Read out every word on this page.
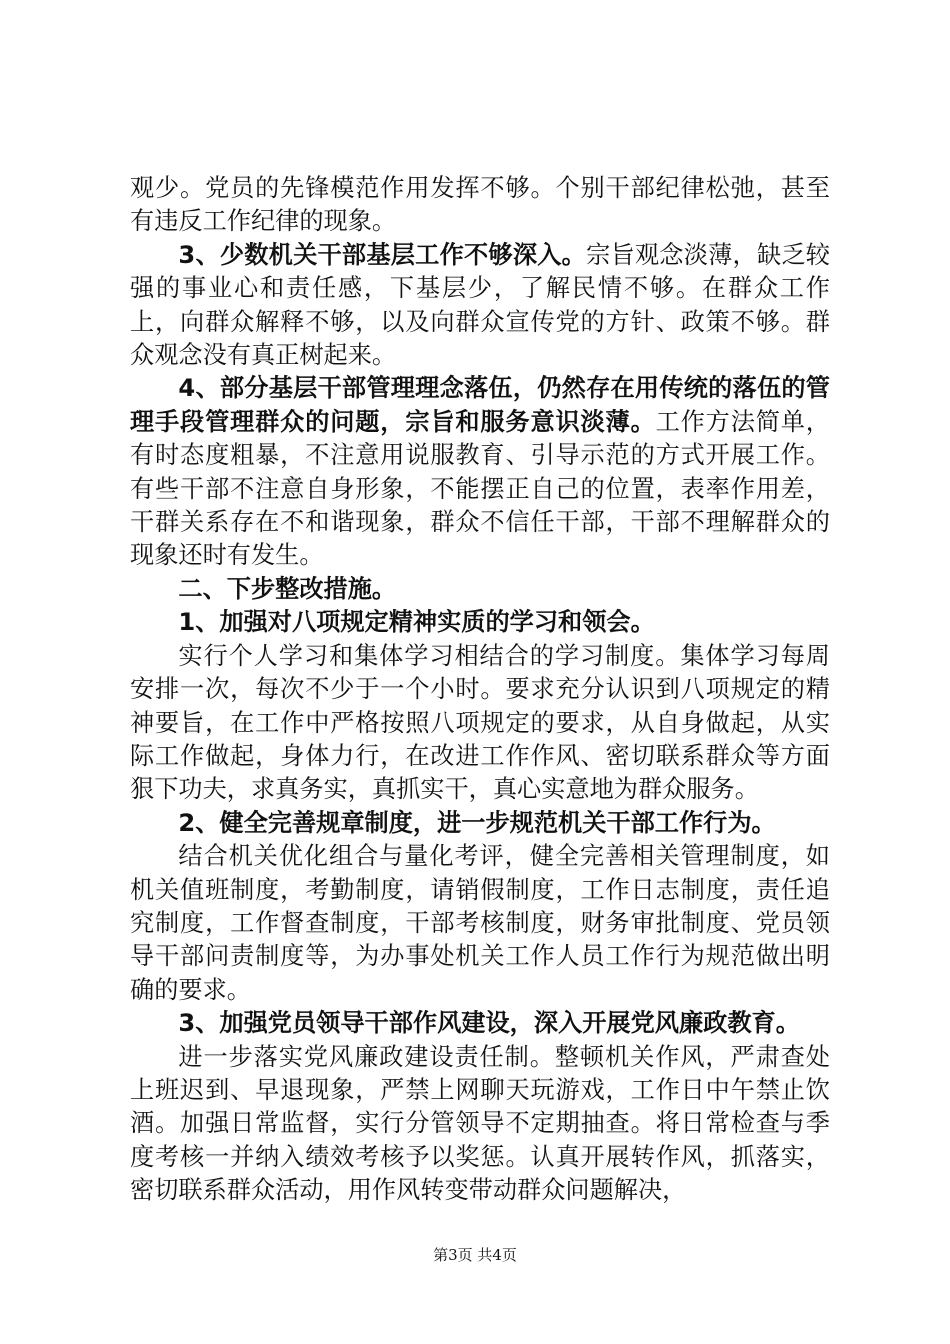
观少。党员的先锋模范作用发挥不够。个别干部纪律松弛，甚至有违反工作纪律的现象。

3、少数机关干部基层工作不够深入。宗旨观念淡薄，缺乏较强的事业心和责任感，下基层少，了解民情不够。在群众工作上，向群众解释不够，以及向群众宣传党的方针、政策不够。群众观念没有真正树起来。

4、部分基层干部管理理念落伍，仍然存在用传统的落伍的管理手段管理群众的问题，宗旨和服务意识淡薄。工作方法简单，有时态度粗暴，不注意用说服教育、引导示范的方式开展工作。有些干部不注意自身形象，不能摆正自己的位置，表率作用差，干群关系存在不和谐现象，群众不信任干部，干部不理解群众的现象还时有发生。

二、下步整改措施。

1、加强对八项规定精神实质的学习和领会。

实行个人学习和集体学习相结合的学习制度。集体学习每周安排一次，每次不少于一个小时。要求充分认识到八项规定的精神要旨，在工作中严格按照八项规定的要求，从自身做起，从实际工作做起，身体力行，在改进工作作风、密切联系群众等方面狠下功夫，求真务实，真抓实干，真心实意地为群众服务。

2、健全完善规章制度，进一步规范机关干部工作行为。

结合机关优化组合与量化考评，健全完善相关管理制度，如机关值班制度，考勤制度，请销假制度，工作日志制度，责任追究制度，工作督查制度，干部考核制度，财务审批制度、党员领导干部问责制度等，为办事处机关工作人员工作行为规范做出明确的要求。

3、加强党员领导干部作风建设，深入开展党风廉政教育。

进一步落实党风廉政建设责任制。整顿机关作风，严肃查处上班迟到、早退现象，严禁上网聊天玩游戏，工作日中午禁止饮酒。加强日常监督，实行分管领导不定期抽查。将日常检查与季度考核一并纳入绩效考核予以奖惩。认真开展转作风，抓落实，密切联系群众活动，用作风转变带动群众问题解决，

第3页 共4页
